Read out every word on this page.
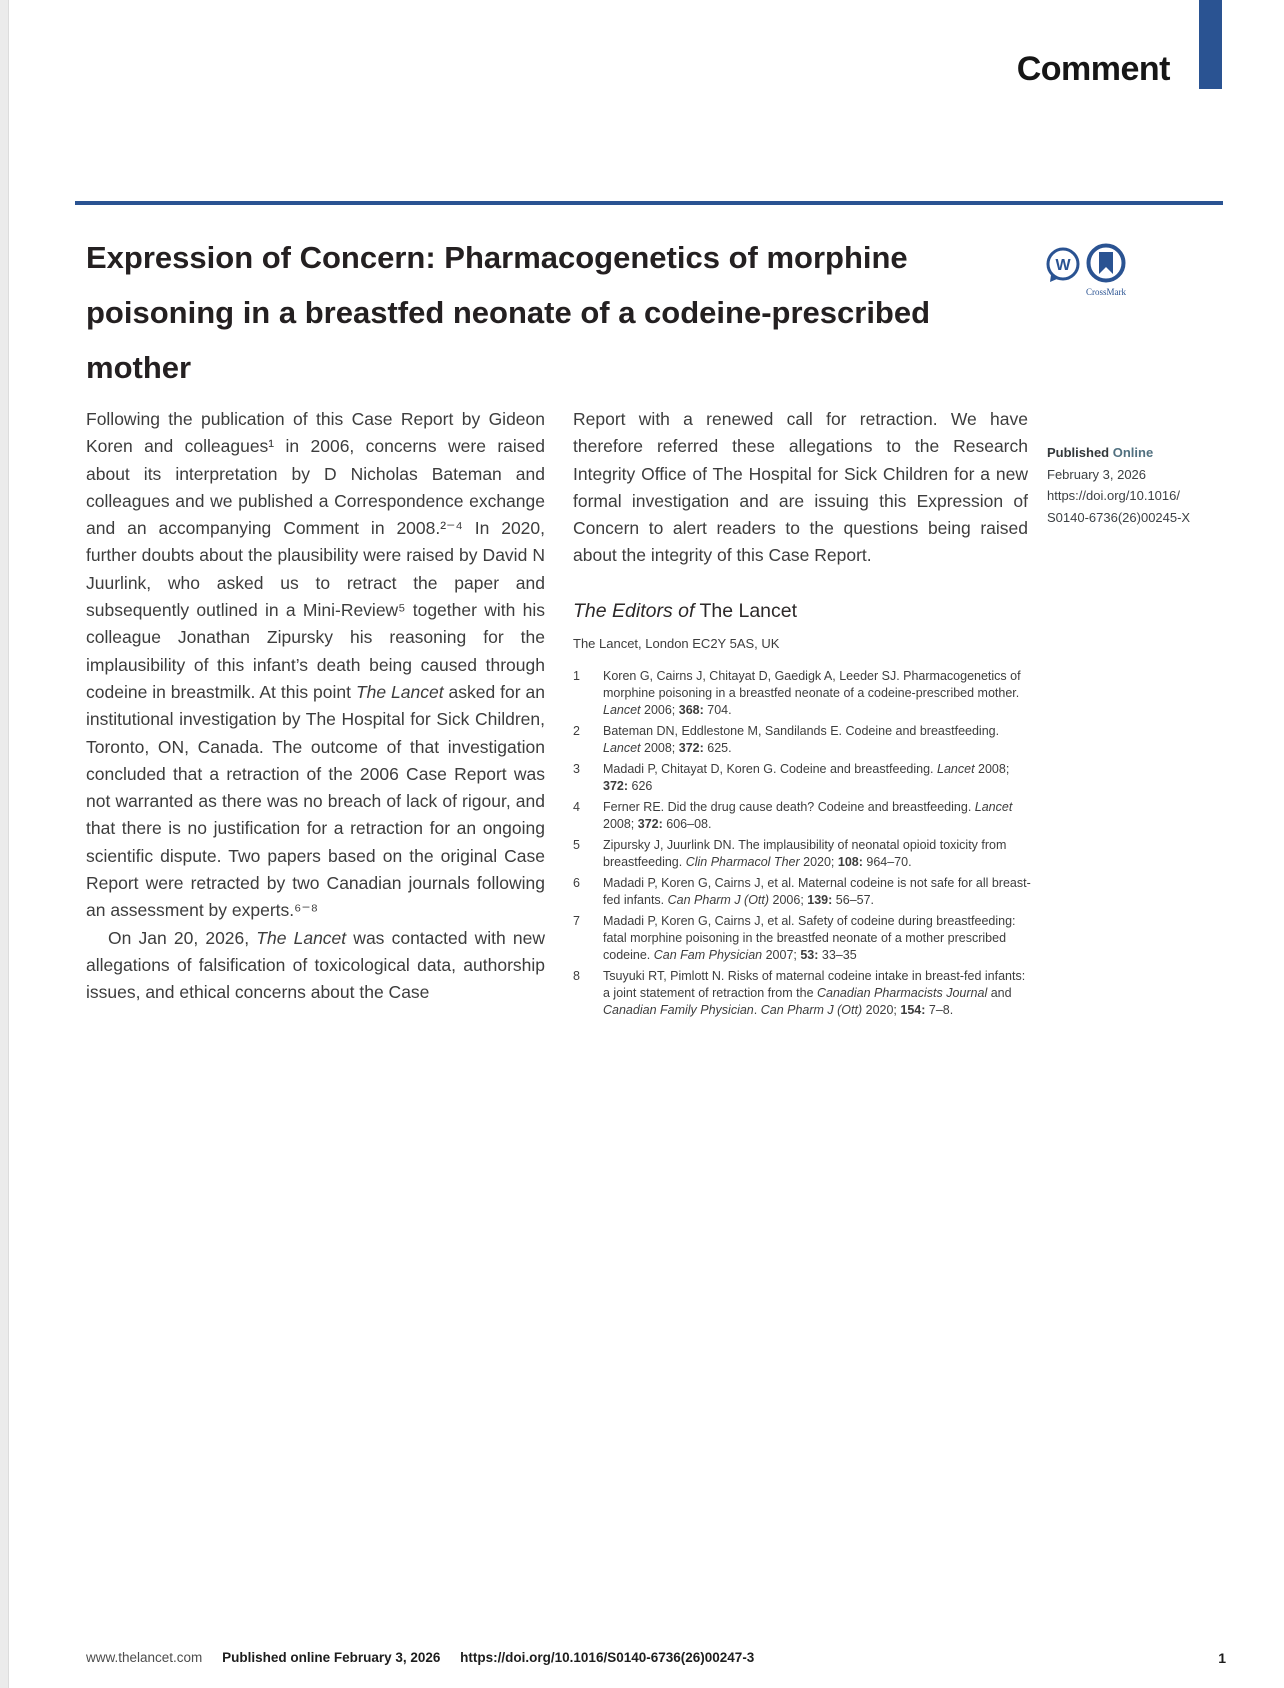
Comment
Expression of Concern: Pharmacogenetics of morphine
poisoning in a breastfed neonate of a codeine-prescribed
mother
W
CrossMark

Following the publication of this Case Report by Gideon Koren and colleagues¹ in 2006, concerns were raised about its interpretation by D Nicholas Bateman and colleagues and we published a Correspondence exchange and an accompanying Comment in 2008.²⁻⁴ In 2020, further doubts about the plausibility were raised by David N Juurlink, who asked us to retract the paper and subsequently outlined in a Mini-Review⁵ together with his colleague Jonathan Zipursky his reasoning for the implausibility of this infant’s death being caused through codeine in breastmilk. At this point The Lancet asked for an institutional investigation by The Hospital for Sick Children, Toronto, ON, Canada. The outcome of that investigation concluded that a retraction of the 2006 Case Report was not warranted as there was no breach of lack of rigour, and that there is no justification for a retraction for an ongoing scientific dispute. Two papers based on the original Case Report were retracted by two Canadian journals following an assessment by experts.⁶⁻⁸

On Jan 20, 2026, The Lancet was contacted with new allegations of falsification of toxicological data, authorship issues, and ethical concerns about the Case

Report with a renewed call for retraction. We have therefore referred these allegations to the Research Integrity Office of The Hospital for Sick Children for a new formal investigation and are issuing this Expression of Concern to alert readers to the questions being raised about the integrity of this Case Report.

The Editors of The Lancet
The Lancet, London EC2Y 5AS, UK
1	Koren G, Cairns J, Chitayat D, Gaedigk A, Leeder SJ. Pharmacogenetics of morphine poisoning in a breastfed neonate of a codeine-prescribed mother. Lancet 2006; 368: 704.
2	Bateman DN, Eddlestone M, Sandilands E. Codeine and breastfeeding. Lancet 2008; 372: 625.
3	Madadi P, Chitayat D, Koren G. Codeine and breastfeeding. Lancet 2008; 372: 626
4	Ferner RE. Did the drug cause death? Codeine and breastfeeding. Lancet 2008; 372: 606–08.
5	Zipursky J, Juurlink DN. The implausibility of neonatal opioid toxicity from breastfeeding. Clin Pharmacol Ther 2020; 108: 964–70.
6	Madadi P, Koren G, Cairns J, et al. Maternal codeine is not safe for all breast-fed infants. Can Pharm J (Ott) 2006; 139: 56–57.
7	Madadi P, Koren G, Cairns J, et al. Safety of codeine during breastfeeding: fatal morphine poisoning in the breastfed neonate of a mother prescribed codeine. Can Fam Physician 2007; 53: 33–35
8	Tsuyuki RT, Pimlott N. Risks of maternal codeine intake in breast-fed infants: a joint statement of retraction from the Canadian Pharmacists Journal and Canadian Family Physician. Can Pharm J (Ott) 2020; 154: 7–8.
Published Online
February 3, 2026
https://doi.org/10.1016/
S0140-6736(26)00245-X
www.thelancet.com Published online February 3, 2026 https://doi.org/10.1016/S0140-6736(26)00247-3	1
